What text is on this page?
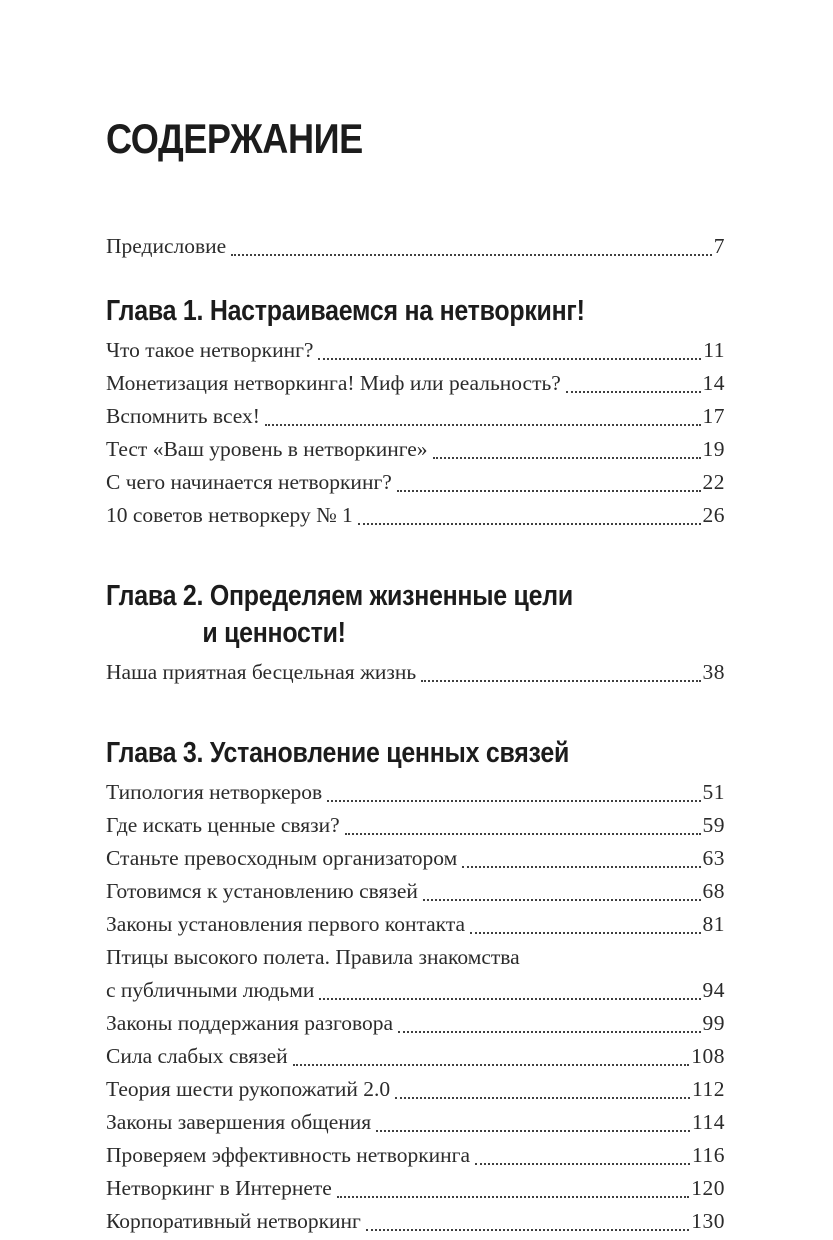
СОДЕРЖАНИЕ
Предисловие	7
Глава 1. Настраиваемся на нетворкинг!
Что такое нетворкинг?	11
Монетизация нетворкинга! Миф или реальность?	14
Вспомнить всех!	17
Тест «Ваш уровень в нетворкинге»	19
С чего начинается нетворкинг?	22
10 советов нетворкеру № 1	26
Глава 2. Определяем жизненные цели
и ценности!
Наша приятная бесцельная жизнь	38
Глава 3. Установление ценных связей
Типология нетворкеров	51
Где искать ценные связи?	59
Станьте превосходным организатором	63
Готовимся к установлению связей	68
Законы установления первого контакта	81
Птицы высокого полета. Правила знакомства
с публичными людьми	94
Законы поддержания разговора	99
Сила слабых связей	108
Теория шести рукопожатий 2.0	112
Законы завершения общения	114
Проверяем эффективность нетворкинга	116
Нетворкинг в Интернете	120
Корпоративный нетворкинг	130
